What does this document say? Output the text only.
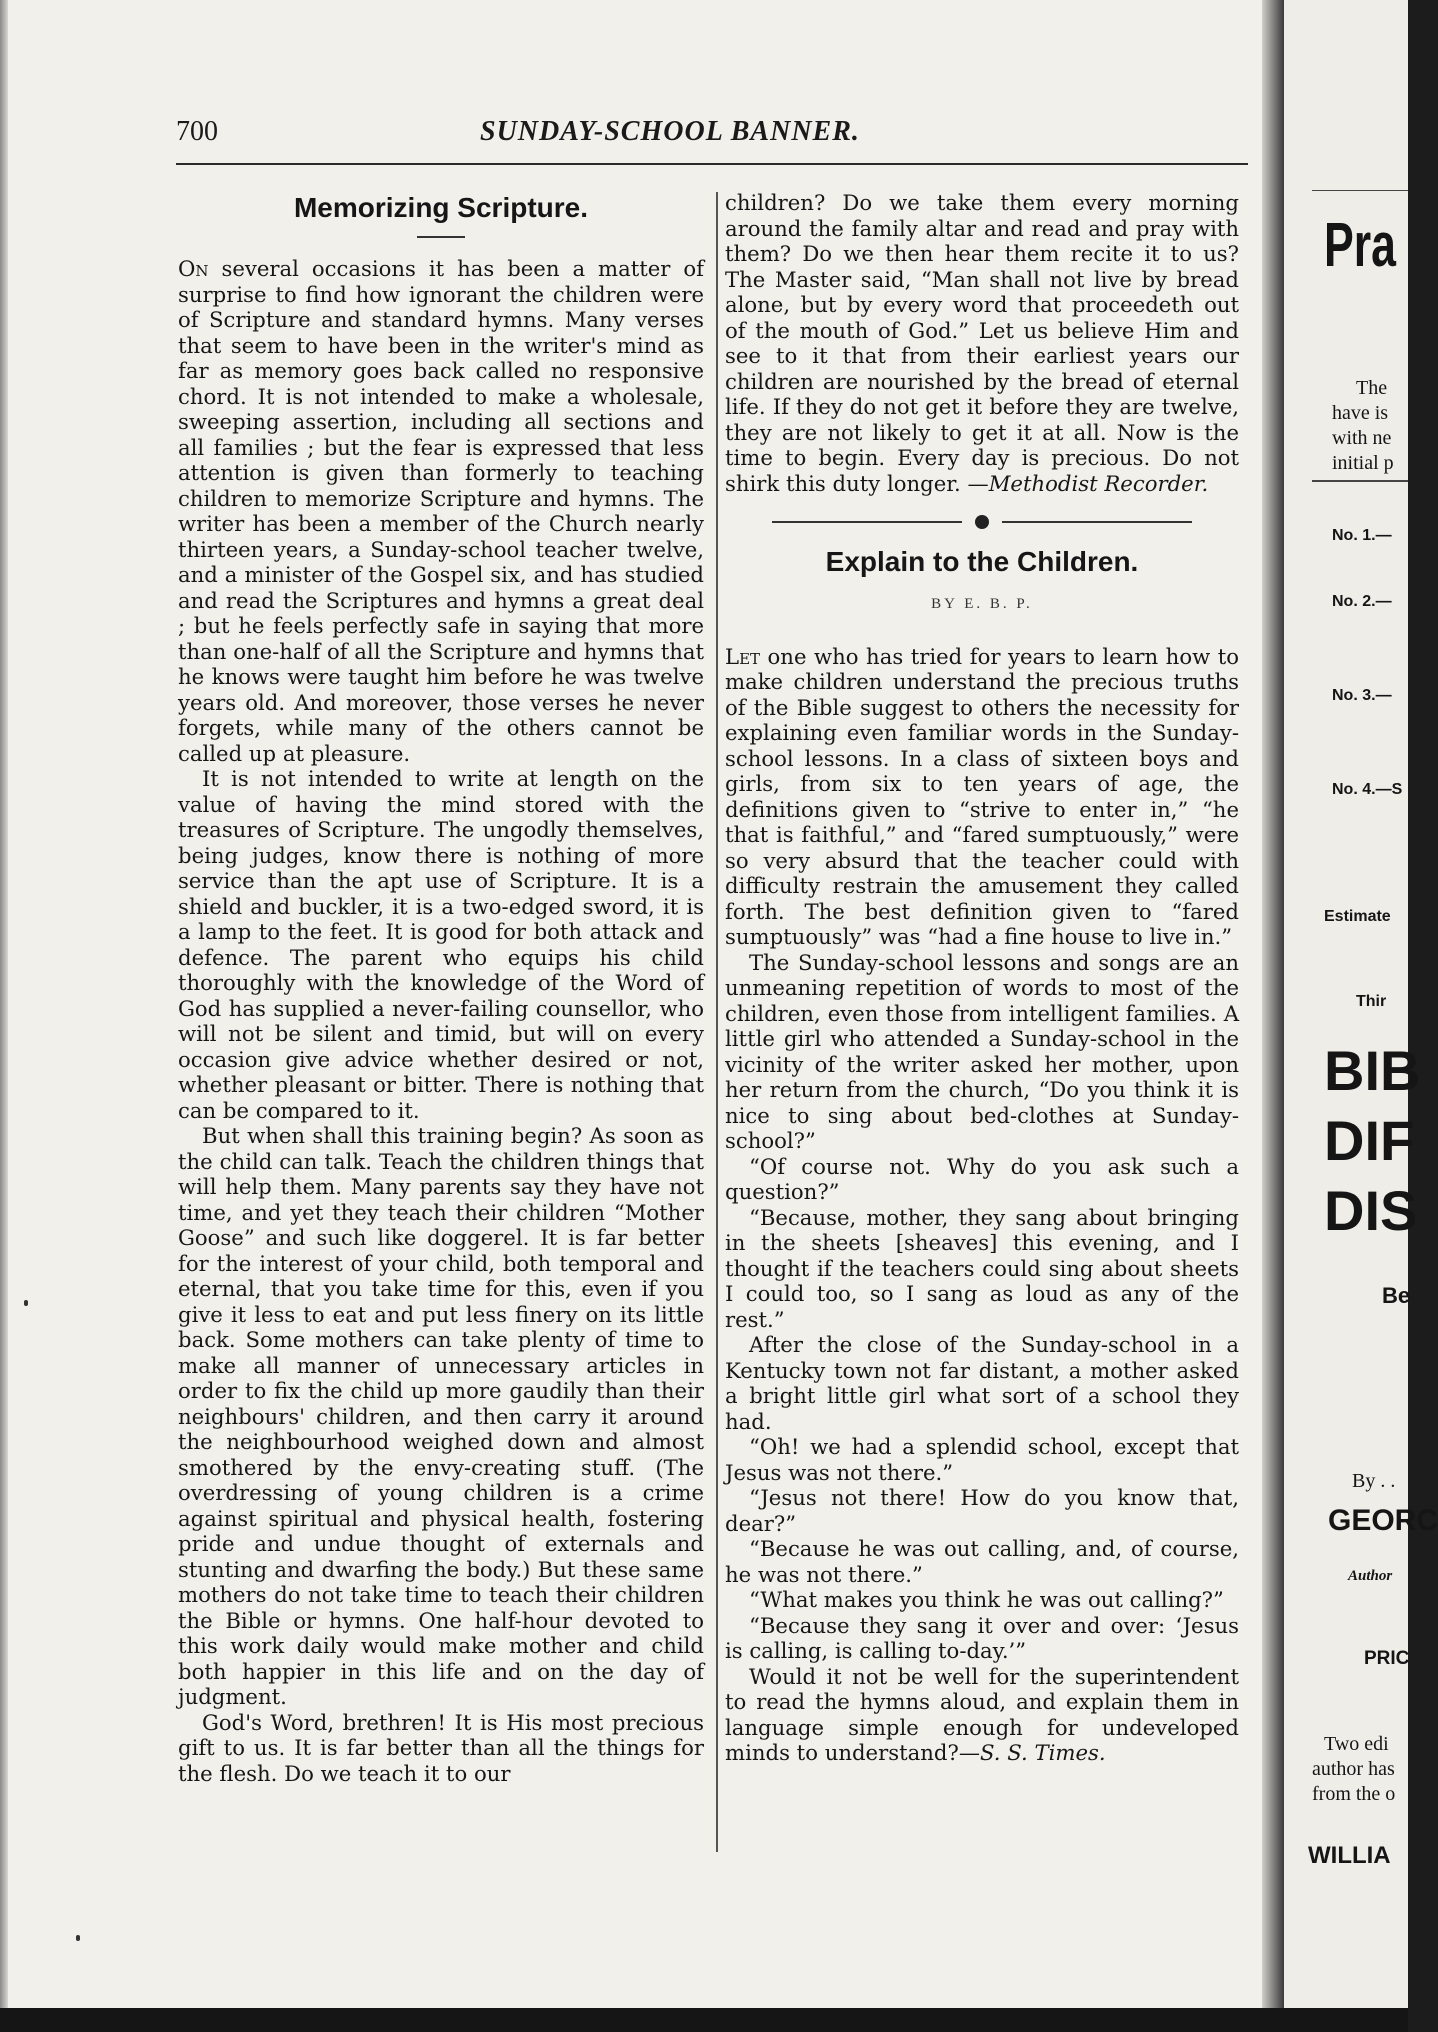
700	SUNDAY-SCHOOL BANNER.
Memorizing Scripture.

On several occasions it has been a matter of surprise to find how ignorant the children were of Scripture and standard hymns. Many verses that seem to have been in the writer's mind as far as memory goes back called no responsive chord. It is not intended to make a wholesale, sweeping assertion, including all sections and all families ; but the fear is expressed that less attention is given than formerly to teaching children to memorize Scripture and hymns. The writer has been a member of the Church nearly thirteen years, a Sunday-school teacher twelve, and a minister of the Gospel six, and has studied and read the Scriptures and hymns a great deal ; but he feels perfectly safe in saying that more than one-half of all the Scripture and hymns that he knows were taught him before he was twelve years old. And moreover, those verses he never forgets, while many of the others cannot be called up at pleasure.

It is not intended to write at length on the value of having the mind stored with the treasures of Scripture. The ungodly themselves, being judges, know there is nothing of more service than the apt use of Scripture. It is a shield and buckler, it is a two-edged sword, it is a lamp to the feet. It is good for both attack and defence. The parent who equips his child thoroughly with the knowledge of the Word of God has supplied a never-failing counsellor, who will not be silent and timid, but will on every occasion give advice whether desired or not, whether pleasant or bitter. There is nothing that can be compared to it.

But when shall this training begin? As soon as the child can talk. Teach the children things that will help them. Many parents say they have not time, and yet they teach their children “Mother Goose” and such like doggerel. It is far better for the interest of your child, both temporal and eternal, that you take time for this, even if you give it less to eat and put less finery on its little back. Some mothers can take plenty of time to make all manner of unnecessary articles in order to fix the child up more gaudily than their neighbours' children, and then carry it around the neighbourhood weighed down and almost smothered by the envy-creating stuff. (The overdressing of young children is a crime against spiritual and physical health, fostering pride and undue thought of externals and stunting and dwarfing the body.) But these same mothers do not take time to teach their children the Bible or hymns. One half-hour devoted to this work daily would make mother and child both happier in this life and on the day of judgment.

God's Word, brethren! It is His most precious gift to us. It is far better than all the things for the flesh. Do we teach it to our

children? Do we take them every morning around the family altar and read and pray with them? Do we then hear them recite it to us? The Master said, “Man shall not live by bread alone, but by every word that proceedeth out of the mouth of God.” Let us believe Him and see to it that from their earliest years our children are nourished by the bread of eternal life. If they do not get it before they are twelve, they are not likely to get it at all. Now is the time to begin. Every day is precious. Do not shirk this duty longer. —Methodist Recorder.

Explain to the Children.
BY E. B. P.

Let one who has tried for years to learn how to make children understand the precious truths of the Bible suggest to others the necessity for explaining even familiar words in the Sunday-school lessons. In a class of sixteen boys and girls, from six to ten years of age, the definitions given to “strive to enter in,” “he that is faithful,” and “fared sumptuously,” were so very absurd that the teacher could with difficulty restrain the amusement they called forth. The best definition given to “fared sumptuously” was “had a fine house to live in.”

The Sunday-school lessons and songs are an unmeaning repetition of words to most of the children, even those from intelligent families. A little girl who attended a Sunday-school in the vicinity of the writer asked her mother, upon her return from the church, “Do you think it is nice to sing about bed-clothes at Sunday-school?”

“Of course not. Why do you ask such a question?”

“Because, mother, they sang about bringing in the sheets [sheaves] this evening, and I thought if the teachers could sing about sheets I could too, so I sang as loud as any of the rest.”

After the close of the Sunday-school in a Kentucky town not far distant, a mother asked a bright little girl what sort of a school they had.

“Oh! we had a splendid school, except that Jesus was not there.”

“Jesus not there! How do you know that, dear?”

“Because he was out calling, and, of course, he was not there.”

“What makes you think he was out calling?”

“Because they sang it over and over: ‘Jesus is calling, is calling to-day.’”

Would it not be well for the superintendent to read the hymns aloud, and explain them in language simple enough for undeveloped minds to understand?—S. S. Times.

Pra
The
have is
with ne
initial p
No. 1.—
No. 2.—
No. 3.—
No. 4.—S
Estimate
Thir
BIB
DIF
DIS
Be
By . .
GEORC
Author
PRIC
Two edi
author has
from the o
WILLIA
